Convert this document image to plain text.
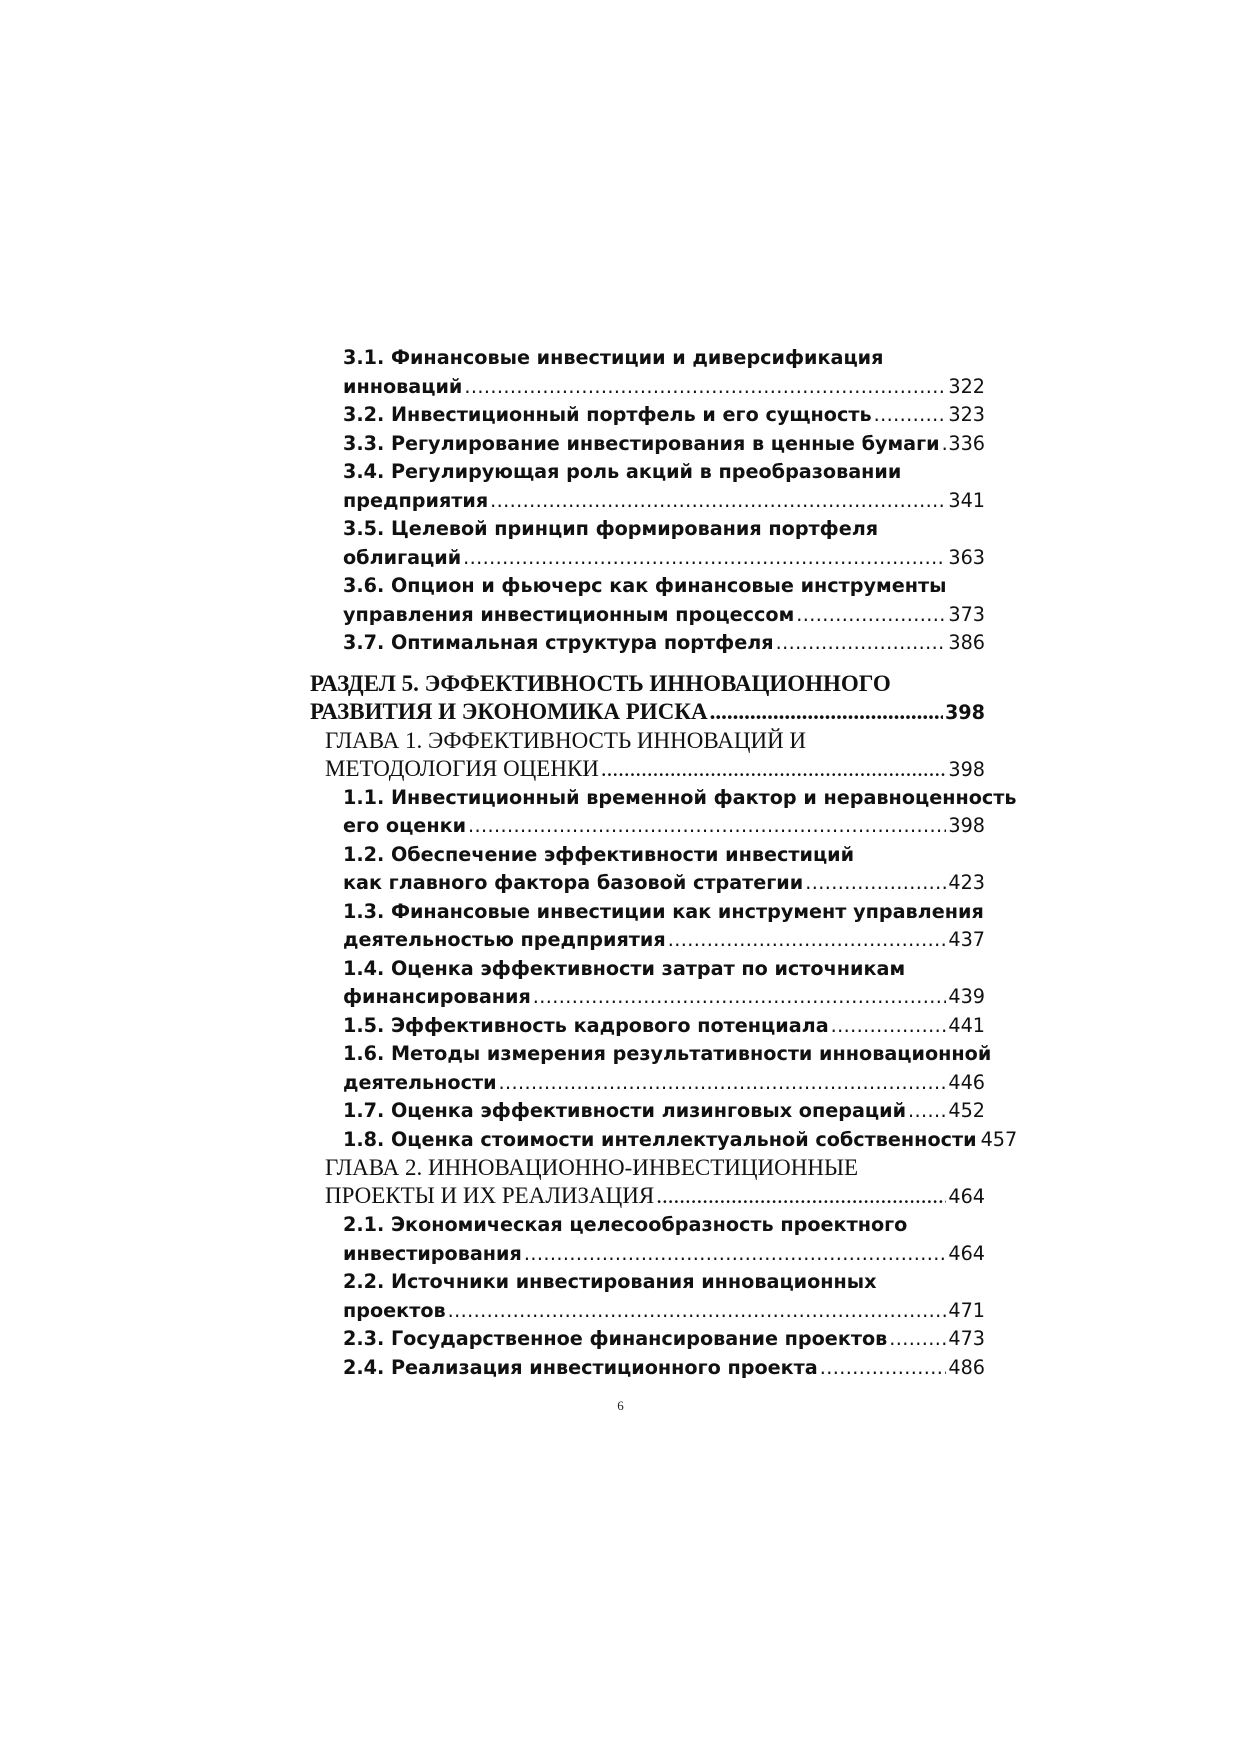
3.1. Финансовые инвестиции и диверсификация
инноваций .....	322
3.2. Инвестиционный портфель и его сущность .....	323
3.3. Регулирование инвестирования в ценные бумаги ..... 336
3.4. Регулирующая роль акций в преобразовании
предприятия .....	341
3.5. Целевой принцип формирования портфеля
облигаций .....	363
3.6. Опцион и фьючерс как финансовые инструменты
управления инвестиционным процессом .....	373
3.7. Оптимальная структура портфеля .....	386
РАЗДЕЛ 5. ЭФФЕКТИВНОСТЬ ИННОВАЦИОННОГО
РАЗВИТИЯ И ЭКОНОМИКА РИСКА .....	398
ГЛАВА 1. ЭФФЕКТИВНОСТЬ ИННОВАЦИЙ И
МЕТОДОЛОГИЯ ОЦЕНКИ .....	398
1.1. Инвестиционный временной фактор и неравноценность
его оценки .....	398
1.2. Обеспечение эффективности инвестиций
как главного фактора базовой стратегии .....	423
1.3. Финансовые инвестиции как инструмент управления
деятельностью предприятия .....	437
1.4. Оценка эффективности затрат по источникам
финансирования .....	439
1.5. Эффективность кадрового потенциала .....	441
1.6. Методы измерения результативности инновационной
деятельности .....	446
1.7. Оценка эффективности лизинговых операций ..... 452
1.8. Оценка стоимости интеллектуальной собственности 457
ГЛАВА 2. ИННОВАЦИОННО-ИНВЕСТИЦИОННЫЕ
ПРОЕКТЫ И ИХ РЕАЛИЗАЦИЯ .....	464
2.1. Экономическая целесообразность проектного
инвестирования .....	464
2.2. Источники инвестирования инновационных
проектов .....	471
2.3. Государственное финансирование проектов .....	473
2.4. Реализация инвестиционного проекта .....	486
6
